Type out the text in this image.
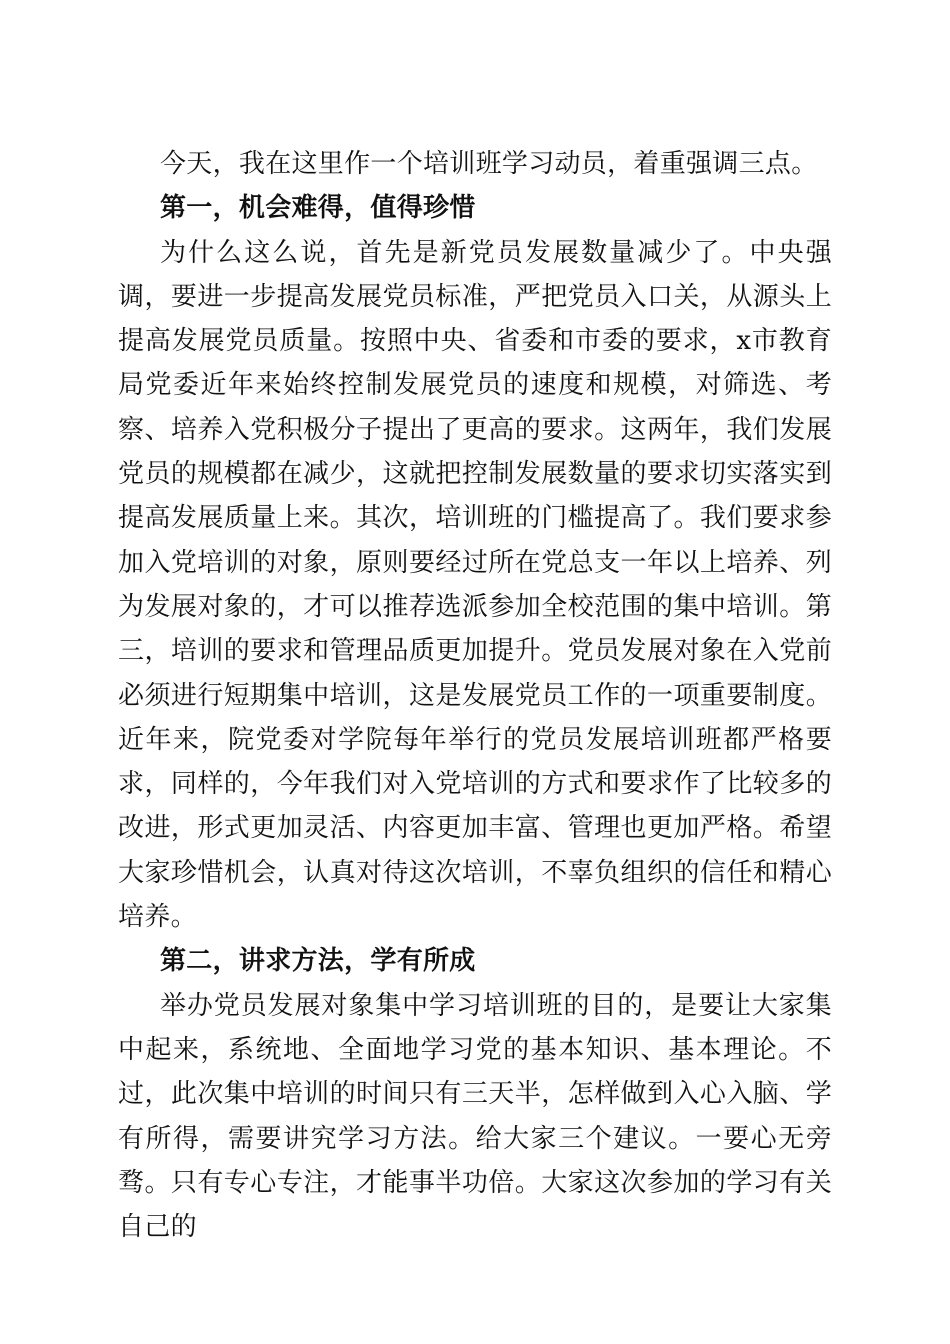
今天，我在这里作一个培训班学习动员，着重强调三点。

第一，机会难得，值得珍惜

为什么这么说，首先是新党员发展数量减少了。中央强调，要进一步提高发展党员标准，严把党员入口关，从源头上提高发展党员质量。按照中央、省委和市委的要求，x市教育局党委近年来始终控制发展党员的速度和规模，对筛选、考察、培养入党积极分子提出了更高的要求。这两年，我们发展党员的规模都在减少，这就把控制发展数量的要求切实落实到提高发展质量上来。其次，培训班的门槛提高了。我们要求参加入党培训的对象，原则要经过所在党总支一年以上培养、列为发展对象的，才可以推荐选派参加全校范围的集中培训。第三，培训的要求和管理品质更加提升。党员发展对象在入党前必须进行短期集中培训，这是发展党员工作的一项重要制度。近年来，院党委对学院每年举行的党员发展培训班都严格要求，同样的，今年我们对入党培训的方式和要求作了比较多的改进，形式更加灵活、内容更加丰富、管理也更加严格。希望大家珍惜机会，认真对待这次培训，不辜负组织的信任和精心培养。

第二，讲求方法，学有所成

举办党员发展对象集中学习培训班的目的，是要让大家集中起来，系统地、全面地学习党的基本知识、基本理论。不过，此次集中培训的时间只有三天半，怎样做到入心入脑、学有所得，需要讲究学习方法。给大家三个建议。一要心无旁骛。只有专心专注，才能事半功倍。大家这次参加的学习有关自己的
